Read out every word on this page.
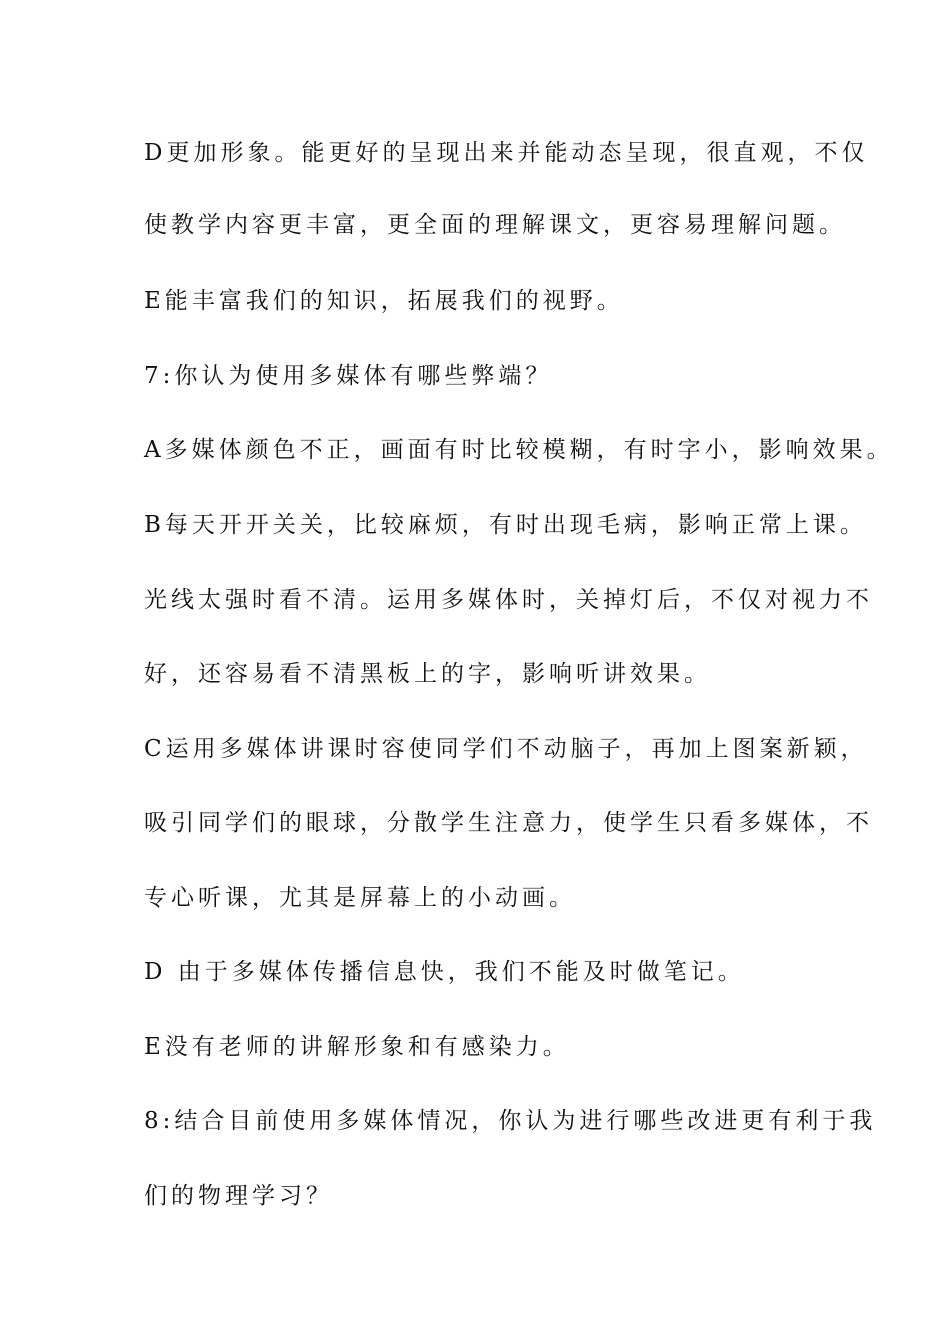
D更加形象。能更好的呈现出来并能动态呈现，很直观，不仅
使教学内容更丰富，更全面的理解课文，更容易理解问题。
E能丰富我们的知识，拓展我们的视野。
7:你认为使用多媒体有哪些弊端？
A多媒体颜色不正，画面有时比较模糊，有时字小，影响效果。
B每天开开关关，比较麻烦，有时出现毛病，影响正常上课。
光线太强时看不清。运用多媒体时，关掉灯后，不仅对视力不
好，还容易看不清黑板上的字，影响听讲效果。
C运用多媒体讲课时容使同学们不动脑子，再加上图案新颖，
吸引同学们的眼球，分散学生注意力，使学生只看多媒体，不
专心听课，尤其是屏幕上的小动画。
D 由于多媒体传播信息快，我们不能及时做笔记。
E没有老师的讲解形象和有感染力。
8:结合目前使用多媒体情况，你认为进行哪些改进更有利于我
们的物理学习？
